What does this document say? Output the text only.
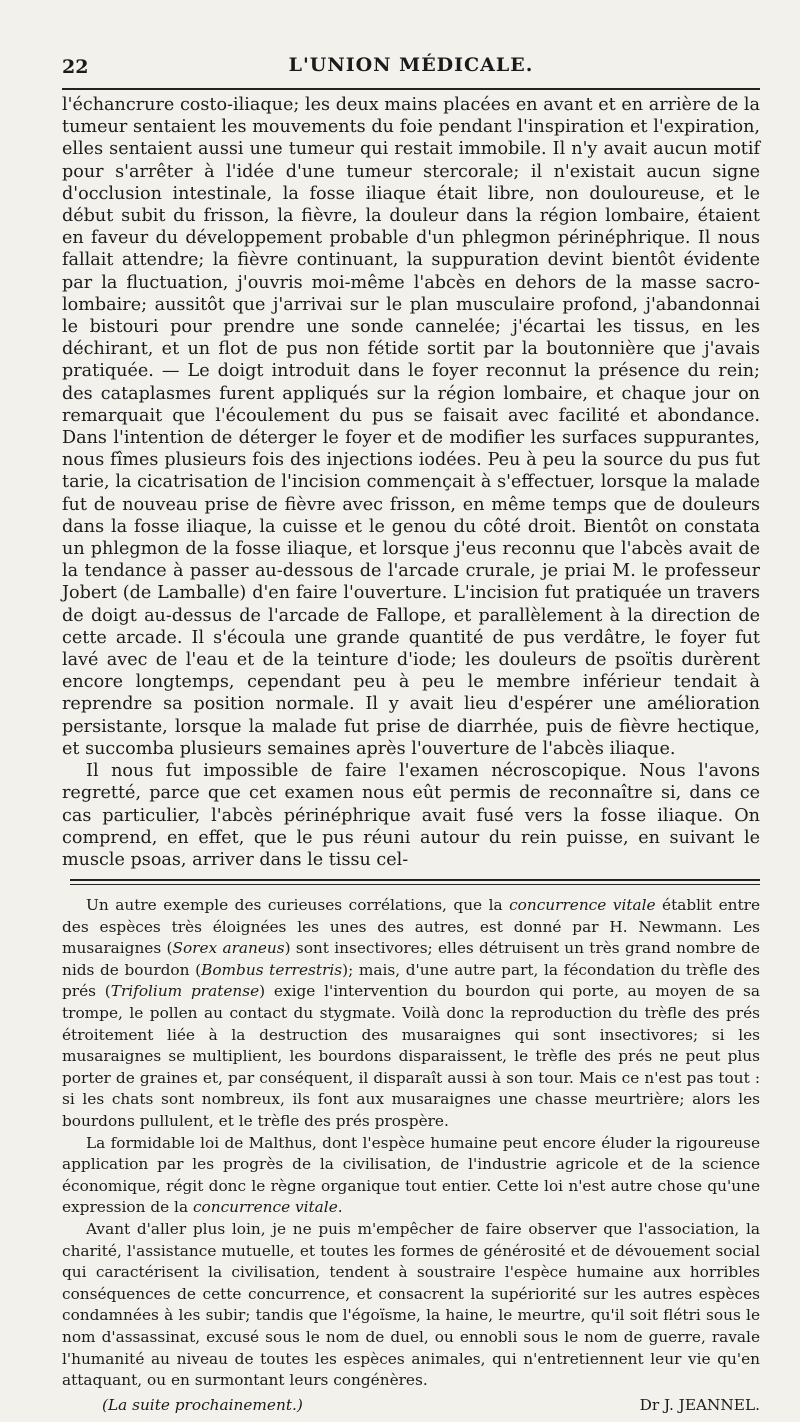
22	L'UNION MÉDICALE.

l'échancrure costo-iliaque; les deux mains placées en avant et en arrière de la tumeur sentaient les mouvements du foie pendant l'inspiration et l'expiration, elles sentaient aussi une tumeur qui restait immobile. Il n'y avait aucun motif pour s'arrêter à l'idée d'une tumeur stercorale; il n'existait aucun signe d'occlusion intestinale, la fosse iliaque était libre, non douloureuse, et le début subit du frisson, la fièvre, la douleur dans la région lombaire, étaient en faveur du développement probable d'un phlegmon périnéphrique. Il nous fallait attendre; la fièvre continuant, la suppuration devint bientôt évidente par la fluctuation, j'ouvris moi-même l'abcès en dehors de la masse sacro-lombaire; aussitôt que j'arrivai sur le plan musculaire profond, j'abandonnai le bistouri pour prendre une sonde cannelée; j'écartai les tissus, en les déchirant, et un flot de pus non fétide sortit par la boutonnière que j'avais pratiquée. — Le doigt introduit dans le foyer reconnut la présence du rein; des cataplasmes furent appliqués sur la région lombaire, et chaque jour on remarquait que l'écoulement du pus se faisait avec facilité et abondance. Dans l'intention de déterger le foyer et de modifier les surfaces suppurantes, nous fîmes plusieurs fois des injections iodées. Peu à peu la source du pus fut tarie, la cicatrisation de l'incision commençait à s'effectuer, lorsque la malade fut de nouveau prise de fièvre avec frisson, en même temps que de douleurs dans la fosse iliaque, la cuisse et le genou du côté droit. Bientôt on constata un phlegmon de la fosse iliaque, et lorsque j'eus reconnu que l'abcès avait de la tendance à passer au-dessous de l'arcade crurale, je priai M. le professeur Jobert (de Lamballe) d'en faire l'ouverture. L'incision fut pratiquée un travers de doigt au-dessus de l'arcade de Fallope, et parallèlement à la direction de cette arcade. Il s'écoula une grande quantité de pus verdâtre, le foyer fut lavé avec de l'eau et de la teinture d'iode; les douleurs de psoïtis durèrent encore longtemps, cependant peu à peu le membre inférieur tendait à reprendre sa position normale. Il y avait lieu d'espérer une amélioration persistante, lorsque la malade fut prise de diarrhée, puis de fièvre hectique, et succomba plusieurs semaines après l'ouverture de l'abcès iliaque.

Il nous fut impossible de faire l'examen nécroscopique. Nous l'avons regretté, parce que cet examen nous eût permis de reconnaître si, dans ce cas particulier, l'abcès périnéphrique avait fusé vers la fosse iliaque. On comprend, en effet, que le pus réuni autour du rein puisse, en suivant le muscle psoas, arriver dans le tissu cel-

Un autre exemple des curieuses corrélations, que la concurrence vitale établit entre des espèces très éloignées les unes des autres, est donné par H. Newmann. Les musaraignes (Sorex araneus) sont insectivores; elles détruisent un très grand nombre de nids de bourdon (Bombus terrestris); mais, d'une autre part, la fécondation du trèfle des prés (Trifolium pratense) exige l'intervention du bourdon qui porte, au moyen de sa trompe, le pollen au contact du stygmate. Voilà donc la reproduction du trèfle des prés étroitement liée à la destruction des musaraignes qui sont insectivores; si les musaraignes se multiplient, les bourdons disparaissent, le trèfle des prés ne peut plus porter de graines et, par conséquent, il disparaît aussi à son tour. Mais ce n'est pas tout : si les chats sont nombreux, ils font aux musaraignes une chasse meurtrière; alors les bourdons pullulent, et le trèfle des prés prospère.

La formidable loi de Malthus, dont l'espèce humaine peut encore éluder la rigoureuse application par les progrès de la civilisation, de l'industrie agricole et de la science économique, régit donc le règne organique tout entier. Cette loi n'est autre chose qu'une expression de la concurrence vitale.

Avant d'aller plus loin, je ne puis m'empêcher de faire observer que l'association, la charité, l'assistance mutuelle, et toutes les formes de générosité et de dévouement social qui caractérisent la civilisation, tendent à soustraire l'espèce humaine aux horribles conséquences de cette concurrence, et consacrent la supériorité sur les autres espèces condamnées à les subir; tandis que l'égoïsme, la haine, le meurtre, qu'il soit flétri sous le nom d'assassinat, excusé sous le nom de duel, ou ennobli sous le nom de guerre, ravale l'humanité au niveau de toutes les espèces animales, qui n'entretiennent leur vie qu'en attaquant, ou en surmontant leurs congénères.

(La suite prochainement.)	Dr J. JEANNEL.
